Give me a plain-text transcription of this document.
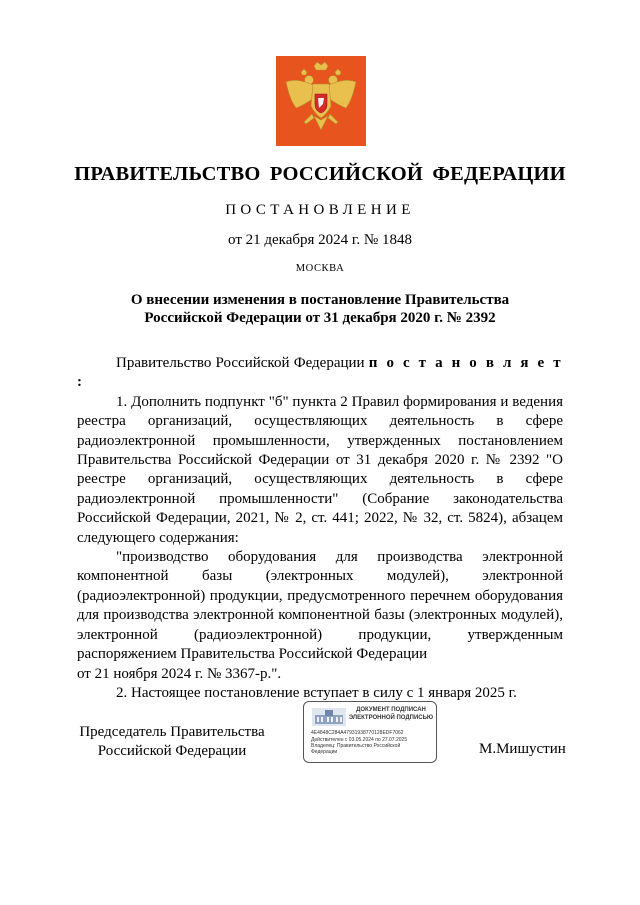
ПРАВИТЕЛЬСТВО РОССИЙСКОЙ ФЕДЕРАЦИИ
ПОСТАНОВЛЕНИЕ
от 21 декабря 2024 г. № 1848
МОСКВА
О внесении изменения в постановление Правительства
Российской Федерации от 31 декабря 2020 г. № 2392

Правительство Российской Федерации п о с т а н о в л я е т :

1. Дополнить подпункт "б" пункта 2 Правил формирования и ведения реестра организаций, осуществляющих деятельность в сфере радиоэлектронной промышленности, утвержденных постановлением Правительства Российской Федерации от 31 декабря 2020 г. № 2392 "О реестре организаций, осуществляющих деятельность в сфере радиоэлектронной промышленности" (Собрание законодательства Российской Федерации, 2021, № 2, ст. 441; 2022, № 32, ст. 5824), абзацем следующего содержания:

"производство оборудования для производства электронной компонентной базы (электронных модулей), электронной (радиоэлектронной) продукции, предусмотренного перечнем оборудования для производства электронной компонентной базы (электронных модулей), электронной (радиоэлектронной) продукции, утвержденным распоряжением Правительства Российской Федерации

от 21 ноября 2024 г. № 3367-р.".

2. Настоящее постановление вступает в силу с 1 января 2025 г.

Председатель Правительства
Российской Федерации
ДОКУМЕНТ ПОДПИСАН
ЭЛЕКТРОННОЙ ПОДПИСЬЮ
4E4848C284A47931938770128EDF7062
Действителен с 03.05.2024 по 27.07.2025
Владелец: Правительство Российской
Федерации	М.Мишустин
